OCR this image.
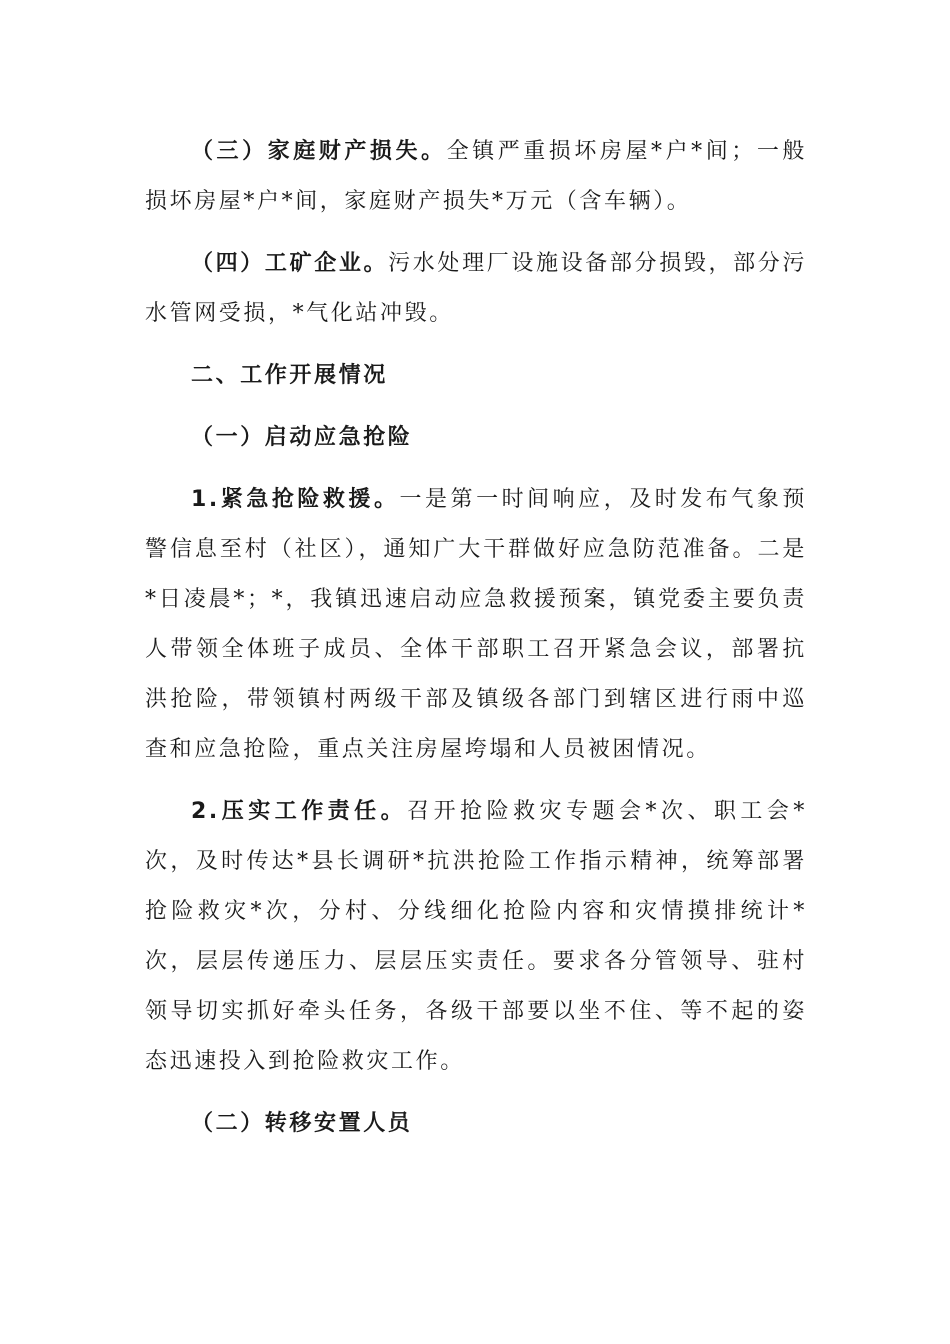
（三）家庭财产损失。全镇严重损坏房屋*户*间；一般损坏房屋*户*间，家庭财产损失*万元（含车辆）。

（四）工矿企业。污水处理厂设施设备部分损毁，部分污水管网受损，*气化站冲毁。

二、工作开展情况

（一）启动应急抢险

1.紧急抢险救援。一是第一时间响应，及时发布气象预警信息至村（社区），通知广大干群做好应急防范准备。二是*日凌晨*；*，我镇迅速启动应急救援预案，镇党委主要负责人带领全体班子成员、全体干部职工召开紧急会议，部署抗洪抢险，带领镇村两级干部及镇级各部门到辖区进行雨中巡查和应急抢险，重点关注房屋垮塌和人员被困情况。

2.压实工作责任。召开抢险救灾专题会*次、职工会*次，及时传达*县长调研*抗洪抢险工作指示精神，统筹部署抢险救灾*次，分村、分线细化抢险内容和灾情摸排统计*次，层层传递压力、层层压实责任。要求各分管领导、驻村领导切实抓好牵头任务，各级干部要以坐不住、等不起的姿态迅速投入到抢险救灾工作。

（二）转移安置人员
